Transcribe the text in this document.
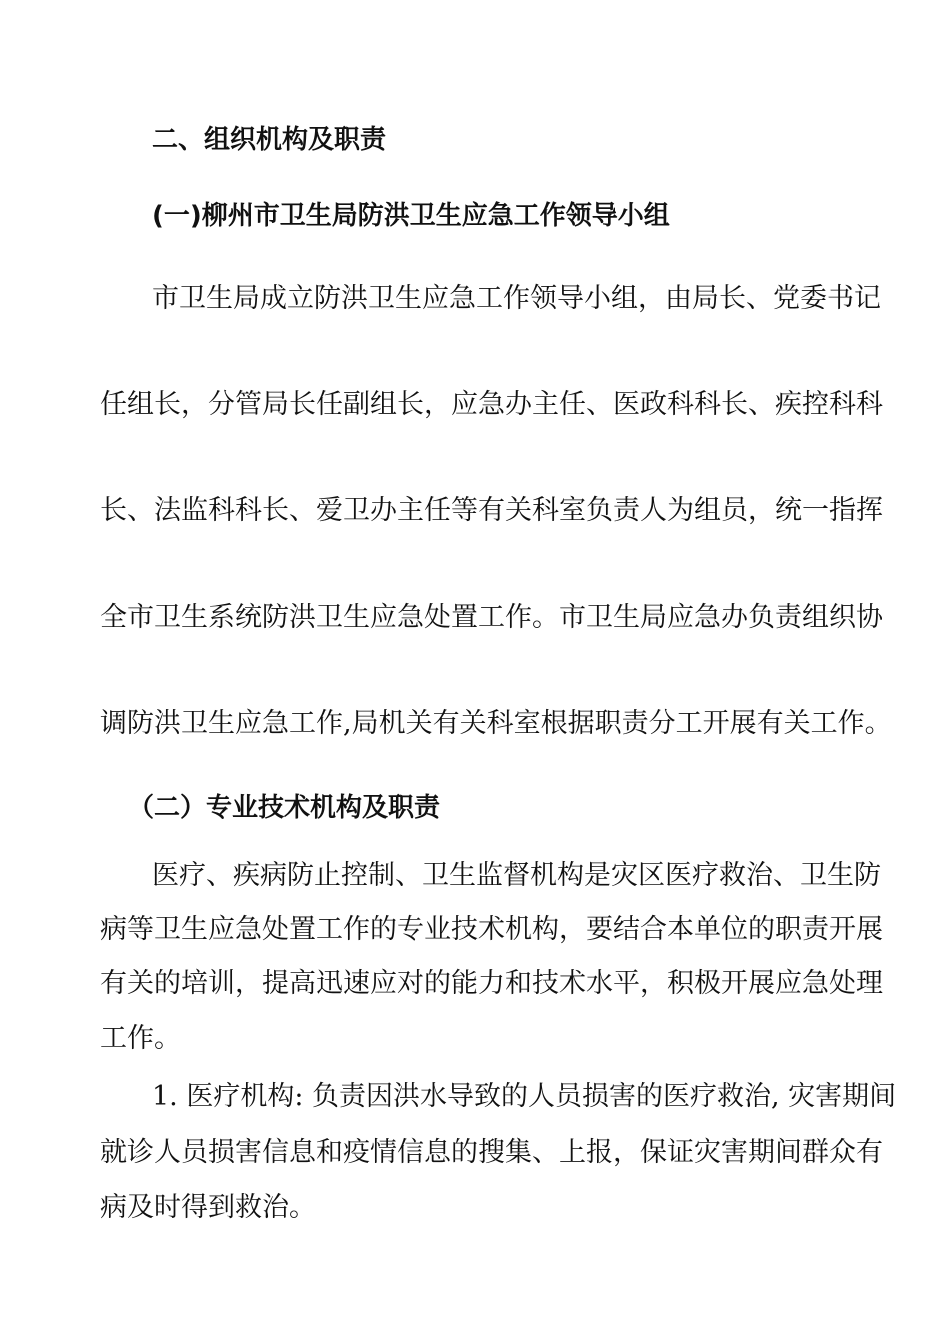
二、组织机构及职责
(一)柳州市卫生局防洪卫生应急工作领导小组

市卫生局成立防洪卫生应急工作领导小组，由局长、党委书记

任组长，分管局长任副组长，应急办主任、医政科科长、疾控科科

长、法监科科长、爱卫办主任等有关科室负责人为组员，统一指挥

全市卫生系统防洪卫生应急处置工作。市卫生局应急办负责组织协

调防洪卫生应急工作,局机关有关科室根据职责分工开展有关工作。

（二）专业技术机构及职责

医疗、疾病防止控制、卫生监督机构是灾区医疗救治、卫生防

病等卫生应急处置工作的专业技术机构，要结合本单位的职责开展

有关的培训，提高迅速应对的能力和技术水平，积极开展应急处理

工作。

1. 医疗机构: 负责因洪水导致的人员损害的医疗救治, 灾害期间

就诊人员损害信息和疫情信息的搜集、上报，保证灾害期间群众有

病及时得到救治。
